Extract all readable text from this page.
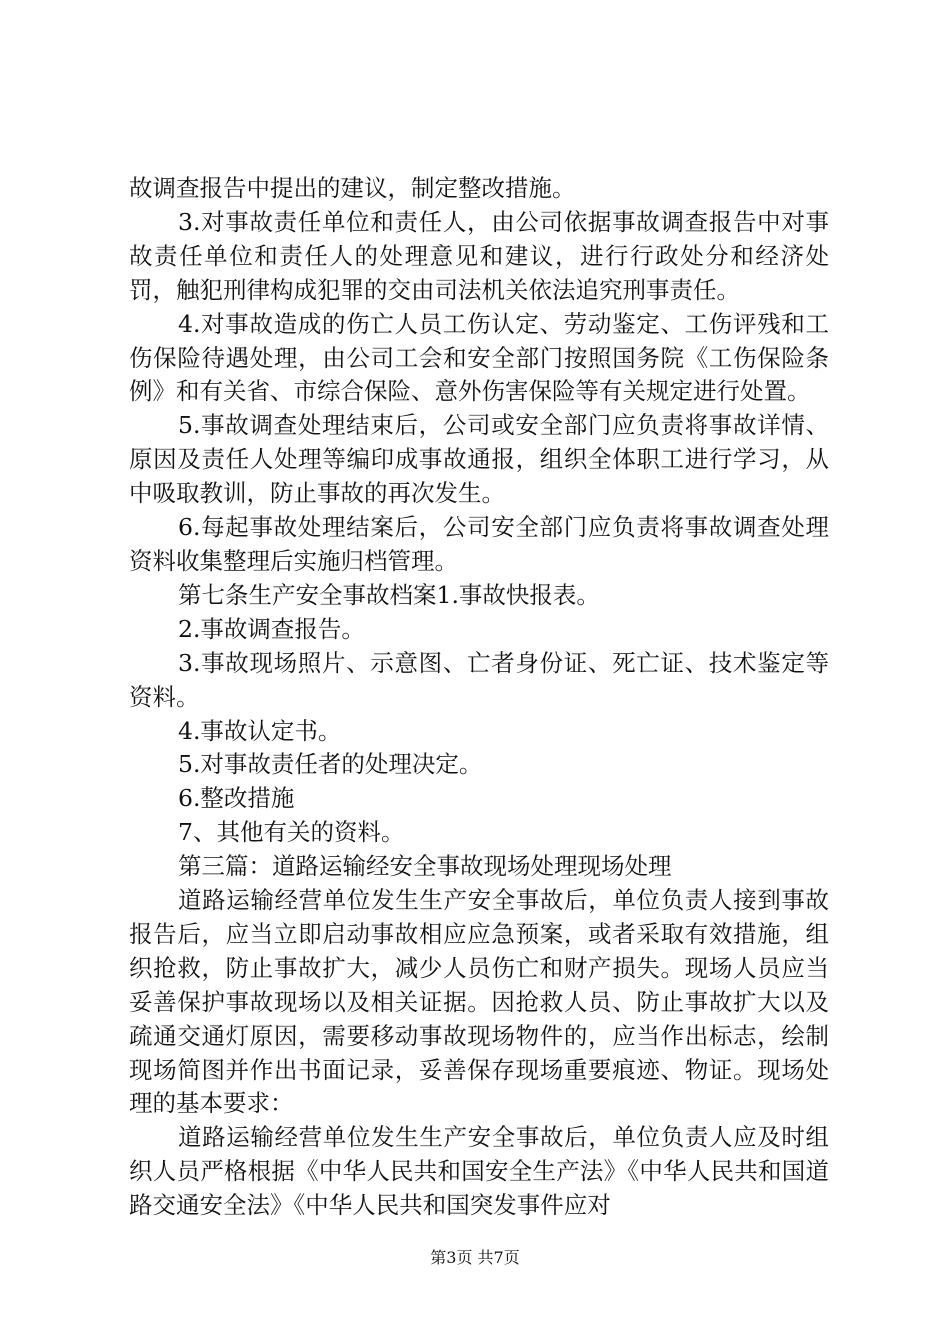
故调查报告中提出的建议，制定整改措施。

3.对事故责任单位和责任人，由公司依据事故调查报告中对事故责任单位和责任人的处理意见和建议，进行行政处分和经济处罚，触犯刑律构成犯罪的交由司法机关依法追究刑事责任。

4.对事故造成的伤亡人员工伤认定、劳动鉴定、工伤评残和工伤保险待遇处理，由公司工会和安全部门按照国务院《工伤保险条例》和有关省、市综合保险、意外伤害保险等有关规定进行处置。

5.事故调查处理结束后，公司或安全部门应负责将事故详情、原因及责任人处理等编印成事故通报，组织全体职工进行学习，从中吸取教训，防止事故的再次发生。

6.每起事故处理结案后，公司安全部门应负责将事故调查处理资料收集整理后实施归档管理。

第七条生产安全事故档案1.事故快报表。

2.事故调查报告。

3.事故现场照片、示意图、亡者身份证、死亡证、技术鉴定等资料。

4.事故认定书。

5.对事故责任者的处理决定。

6.整改措施

7、其他有关的资料。

第三篇：道路运输经安全事故现场处理现场处理

道路运输经营单位发生生产安全事故后，单位负责人接到事故报告后，应当立即启动事故相应应急预案，或者采取有效措施，组织抢救，防止事故扩大，减少人员伤亡和财产损失。现场人员应当妥善保护事故现场以及相关证据。因抢救人员、防止事故扩大以及疏通交通灯原因，需要移动事故现场物件的，应当作出标志，绘制现场简图并作出书面记录，妥善保存现场重要痕迹、物证。现场处理的基本要求：

道路运输经营单位发生生产安全事故后，单位负责人应及时组织人员严格根据《中华人民共和国安全生产法》《中华人民共和国道路交通安全法》《中华人民共和国突发事件应对

第3页 共7页
